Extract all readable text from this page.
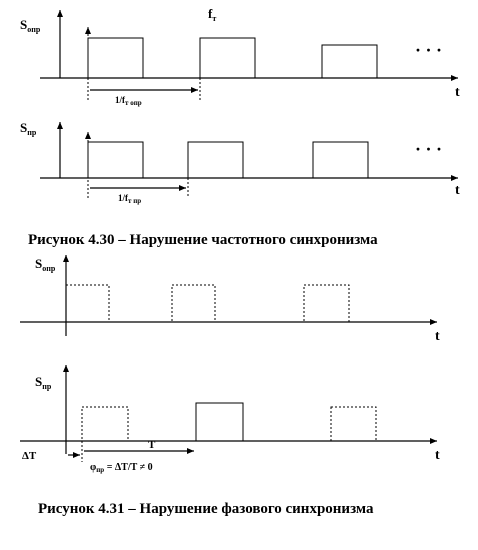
$S_{опр}$
$f_т$
t
· · ·
$1/f_{т опр}$
$S_{пр}$
t
· · ·
$1/f_{т пр}$
Рисунок 4.30 – Нарушение частотного синхронизма
$S_{опр}$
t
$S_{пр}$
t
ΔT
T
$\varphi_{пр} = \Delta T/T \ne 0$
Рисунок 4.31 – Нарушение фазового синхронизма
